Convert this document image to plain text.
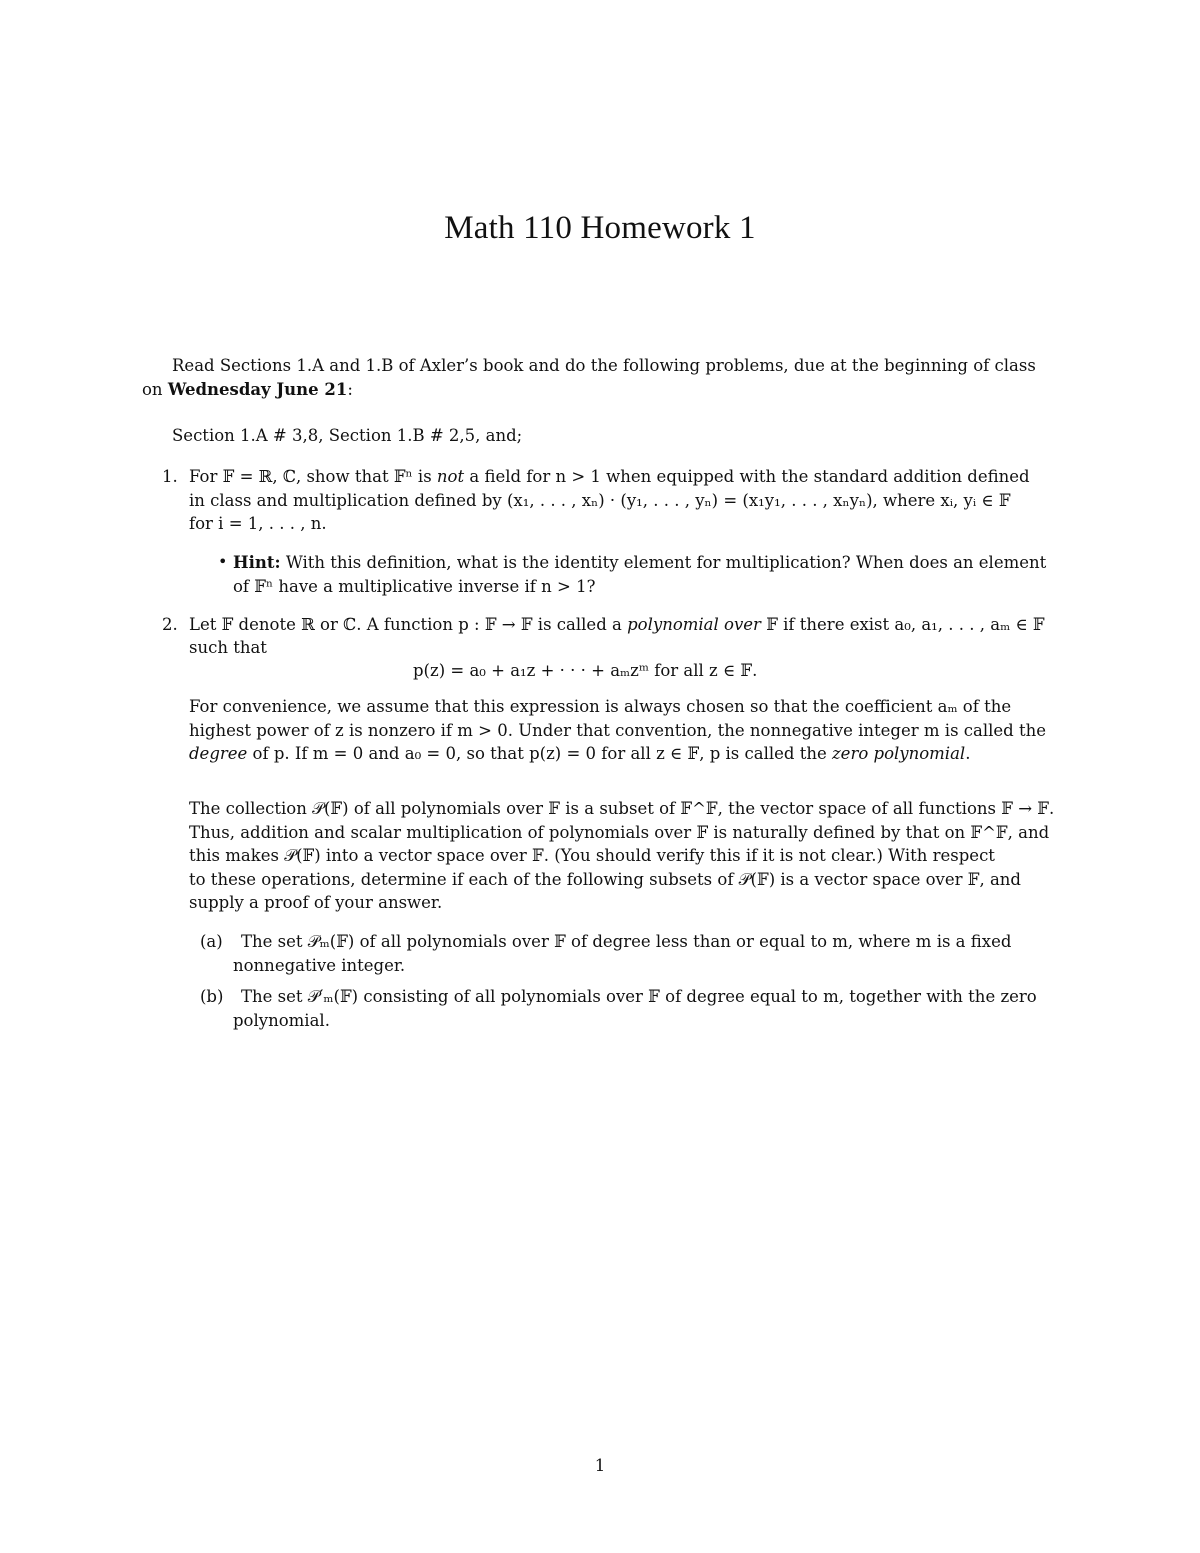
Math 110 Homework 1
Read Sections 1.A and 1.B of Axler’s book and do the following problems, due at the beginning of class
on Wednesday June 21:
Section 1.A # 3,8, Section 1.B # 2,5, and;
1. For 𝔽 = ℝ, ℂ, show that 𝔽ⁿ is not a field for n > 1 when equipped with the standard addition defined
in class and multiplication defined by (x₁, . . . , xₙ) · (y₁, . . . , yₙ) = (x₁y₁, . . . , xₙyₙ), where xᵢ, yᵢ ∈ 𝔽
for i = 1, . . . , n.
• Hint: With this definition, what is the identity element for multiplication? When does an element
of 𝔽ⁿ have a multiplicative inverse if n > 1?
2. Let 𝔽 denote ℝ or ℂ. A function p : 𝔽 → 𝔽 is called a polynomial over 𝔽 if there exist a₀, a₁, . . . , aₘ ∈ 𝔽
such that
p(z) = a₀ + a₁z + · · · + aₘzᵐ for all z ∈ 𝔽.
For convenience, we assume that this expression is always chosen so that the coefficient aₘ of the
highest power of z is nonzero if m > 0. Under that convention, the nonnegative integer m is called the
degree of p. If m = 0 and a₀ = 0, so that p(z) = 0 for all z ∈ 𝔽, p is called the zero polynomial.
The collection 𝒫(𝔽) of all polynomials over 𝔽 is a subset of 𝔽^𝔽, the vector space of all functions 𝔽 → 𝔽.
Thus, addition and scalar multiplication of polynomials over 𝔽 is naturally defined by that on 𝔽^𝔽, and
this makes 𝒫(𝔽) into a vector space over 𝔽. (You should verify this if it is not clear.) With respect
to these operations, determine if each of the following subsets of 𝒫(𝔽) is a vector space over 𝔽, and
supply a proof of your answer.
(a) The set 𝒫ₘ(𝔽) of all polynomials over 𝔽 of degree less than or equal to m, where m is a fixed
nonnegative integer.
(b) The set 𝒫′ₘ(𝔽) consisting of all polynomials over 𝔽 of degree equal to m, together with the zero
polynomial.
1
